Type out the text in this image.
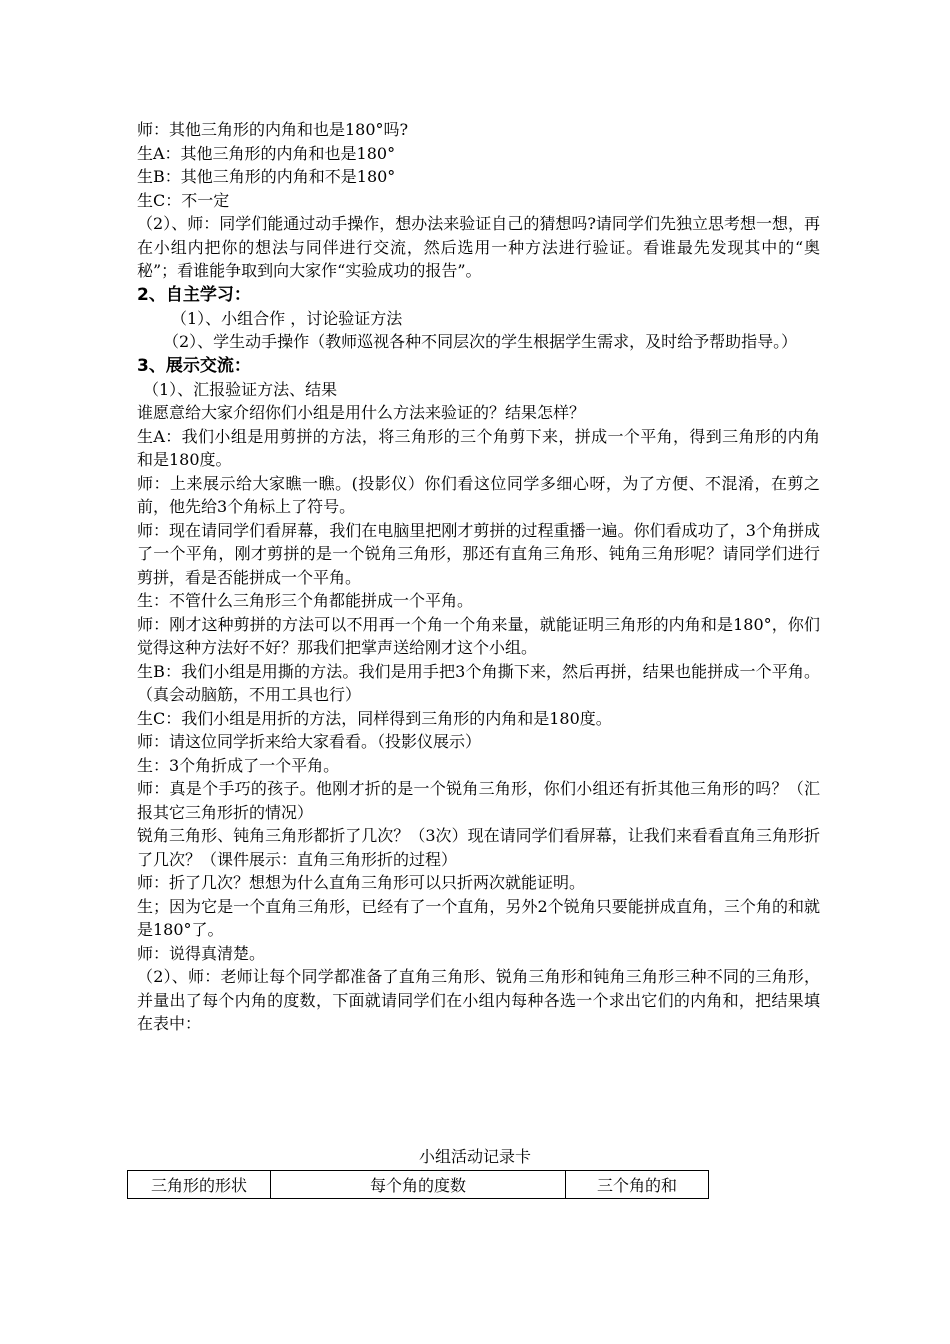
师：其他三角形的内角和也是180°吗?

生A：其他三角形的内角和也是180°

生B：其他三角形的内角和不是180°

生C：不一定

（2）、师：同学们能通过动手操作，想办法来验证自己的猜想吗?请同学们先独立思考想一想，再在小组内把你的想法与同伴进行交流，然后选用一种方法进行验证。看谁最先发现其中的“奥秘”；看谁能争取到向大家作“实验成功的报告”。

2、自主学习：

（1）、小组合作 ，讨论验证方法

（2）、学生动手操作（教师巡视各种不同层次的学生根据学生需求，及时给予帮助指导。）

3、展示交流：

（1）、汇报验证方法、结果

谁愿意给大家介绍你们小组是用什么方法来验证的？结果怎样？

生A：我们小组是用剪拼的方法，将三角形的三个角剪下来，拼成一个平角，得到三角形的内角和是180度。

师：上来展示给大家瞧一瞧。(投影仪）你们看这位同学多细心呀，为了方便、不混淆，在剪之前，他先给3个角标上了符号。

师：现在请同学们看屏幕，我们在电脑里把刚才剪拼的过程重播一遍。你们看成功了，3个角拼成了一个平角，刚才剪拼的是一个锐角三角形，那还有直角三角形、钝角三角形呢？请同学们进行剪拼，看是否能拼成一个平角。

生：不管什么三角形三个角都能拼成一个平角。

师：刚才这种剪拼的方法可以不用再一个角一个角来量，就能证明三角形的内角和是180°，你们觉得这种方法好不好？那我们把掌声送给刚才这个小组。

生B：我们小组是用撕的方法。我们是用手把3个角撕下来，然后再拼，结果也能拼成一个平角。（真会动脑筋，不用工具也行）

生C：我们小组是用折的方法，同样得到三角形的内角和是180度。

师：请这位同学折来给大家看看。（投影仪展示）

生：3个角折成了一个平角。

师：真是个手巧的孩子。他刚才折的是一个锐角三角形，你们小组还有折其他三角形的吗？（汇报其它三角形折的情况）

锐角三角形、钝角三角形都折了几次？（3次）现在请同学们看屏幕，让我们来看看直角三角形折了几次？（课件展示：直角三角形折的过程）

师：折了几次？想想为什么直角三角形可以只折两次就能证明。

生；因为它是一个直角三角形，已经有了一个直角，另外2个锐角只要能拼成直角，三个角的和就是180°了。

师：说得真清楚。

（2）、师：老师让每个同学都准备了直角三角形、锐角三角形和钝角三角形三种不同的三角形，并量出了每个内角的度数，下面就请同学们在小组内每种各选一个求出它们的内角和，把结果填在表中：

小组活动记录卡
三角形的形状	每个角的度数	三个角的和
